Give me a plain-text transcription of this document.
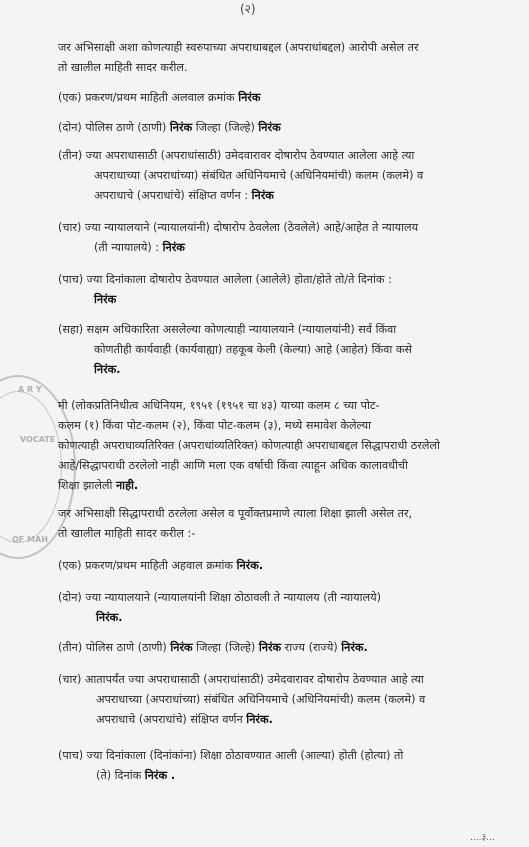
(२)
A R Y
VOCATE
OF MAH
जर अभिसाक्षी अशा कोणत्याही स्वरुपाच्या अपराधाबद्दल (अपराधांबद्दल) आरोपी असेल तर
तो खालील माहिती सादर करील.
(एक) प्रकरण/प्रथम माहिती अलवाल क्रमांक निरंक
(दोन) पोलिस ठाणे (ठाणी) निरंक जिल्हा (जिल्हे) निरंक
(तीन) ज्या अपराधासाठी (अपराधांसाठी) उमेदवारावर दोषारोप ठेवण्यात आलेला आहे त्या
अपराधाच्या (अपराधांच्या) संबंधित अधिनियमाचे (अधिनियमांची) कलम (कलमे) व
अपराधाचे (अपराधांचे) संक्षिप्त वर्णन : निरंक
(चार) ज्या न्यायालयाने (न्यायालयांनी) दोषारोप ठेवलेला (ठेवलेले) आहे/आहेत ते न्यायालय
(ती न्यायालये) : निरंक
(पाच) ज्या दिनांकाला दोषारोप ठेवण्यात आलेला (आलेले) होता/होते तो/ते दिनांक :
निरंक
(सहा) सक्षम अधिकारिता असलेल्या कोणत्याही न्यायालयाने (न्यायालयांनी) सर्व किंवा
कोणतीही कार्यवाही (कार्यवाह्या) तहकूब केली (केल्या) आहे (आहेत) किंवा कसे
निरंक.
मी (लोकप्रतिनिधीत्व अधिनियम, १९५१ (१९५१ चा ४३) याच्या कलम ८ च्या पोट-
कलम (१) किंवा पोट-कलम (२), किंवा पोट-कलम (३), मध्ये समावेश केलेल्या
कोणत्याही अपराधाव्यतिरिक्त (अपराधांव्यतिरिक्त) कोणत्याही अपराधाबद्दल सिद्धापराधी ठरलेलो
आहे/सिद्धापराधी ठरलेलो नाही आणि मला एक वर्षाची किंवा त्याहून अधिक कालावधीची
शिक्षा झालेली नाही.
जर अभिसाक्षी सिद्धापराधी ठरलेला असेल व पूर्वोक्तप्रमाणे त्याला शिक्षा झाली असेल तर,
तो खालील माहिती सादर करील :-
(एक) प्रकरण/प्रथम माहिती अहवाल क्रमांक निरंक.
(दोन) ज्या न्यायालयाने (न्यायालयांनी शिक्षा ठोठावली ते न्यायालय (ती न्यायालये)
निरंक.
(तीन) पोलिस ठाणे (ठाणी) निरंक जिल्हा (जिल्हे) निरंक राज्य (राज्ये) निरंक.
(चार) आतापर्यंत ज्या अपराधासाठी (अपराधांसाठी) उमेदवारावर दोषारोप ठेवण्यात आहे त्या
अपराधाच्या (अपराधांच्या) संबंधित अधिनियमाचे (अधिनियमांची) कलम (कलमे) व
अपराधाचे (अपराधांचे) संक्षिप्त वर्णन निरंक.
(पाच) ज्या दिनांकाला (दिनांकांना) शिक्षा ठोठावण्यात आली (आल्या) होती (होत्या) तो
(ते) दिनांक निरंक .
....३...
